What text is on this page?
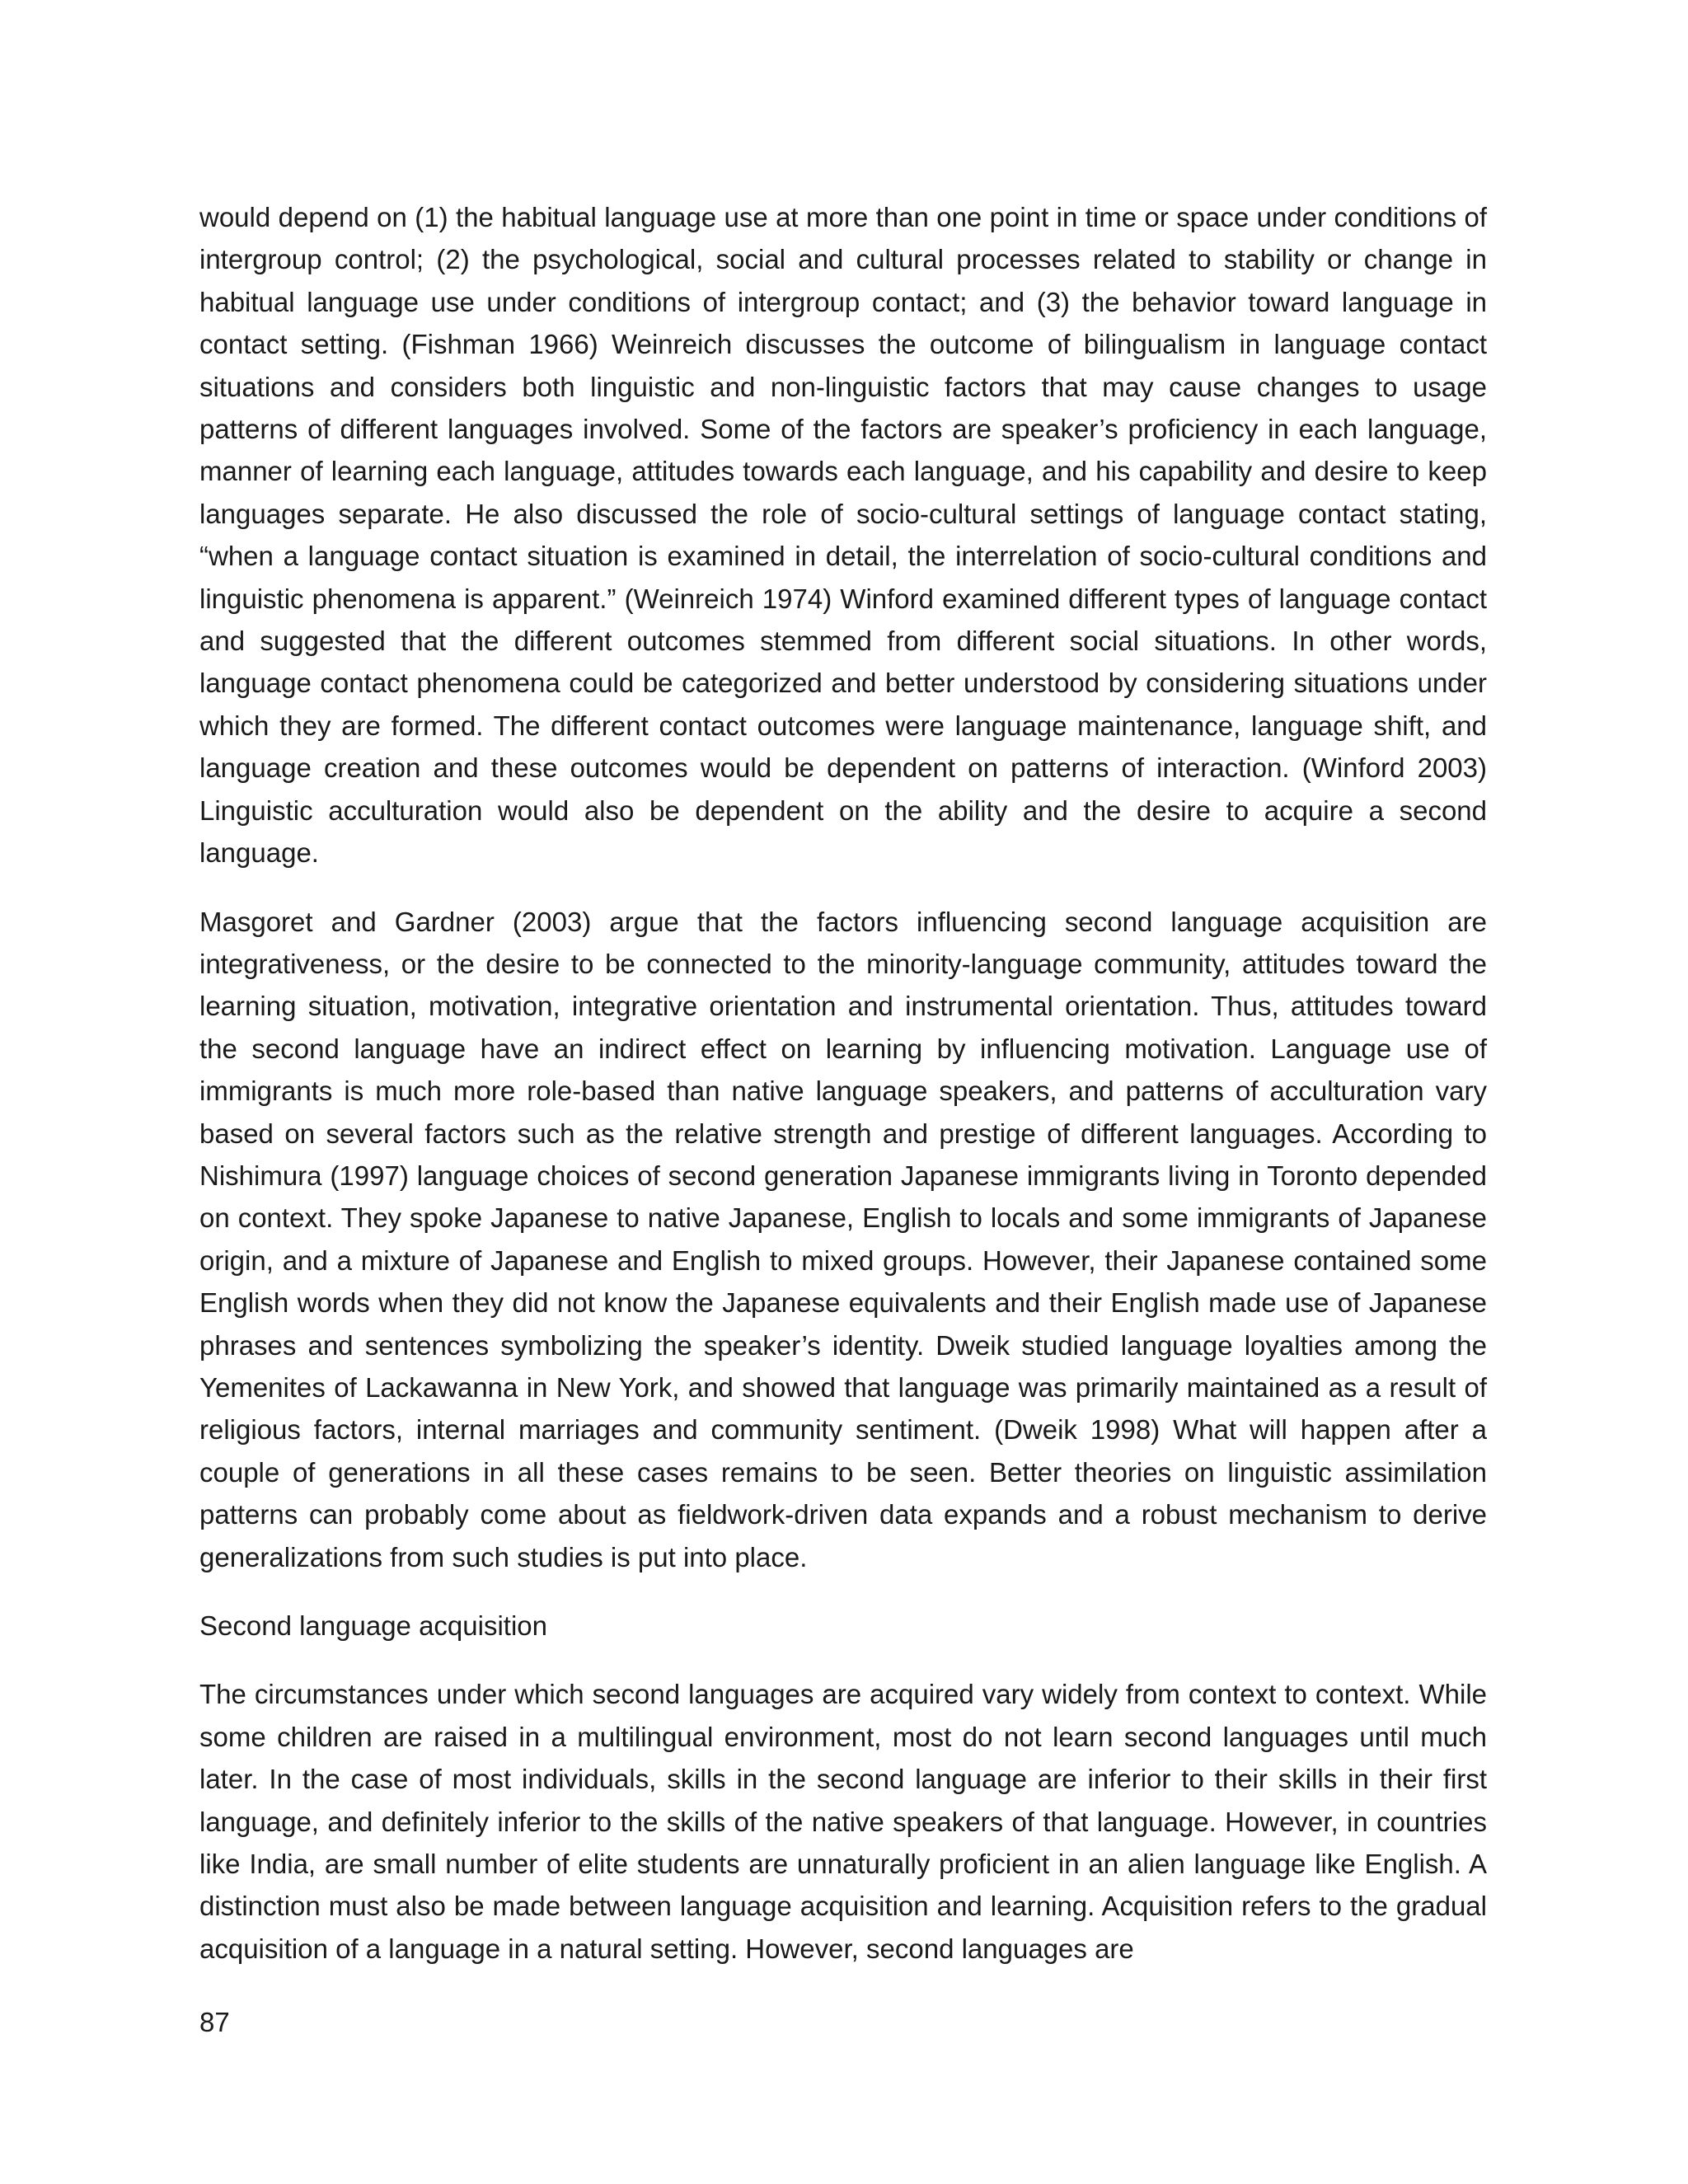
would depend on (1) the habitual language use at more than one point in time or space under conditions of intergroup control; (2) the psychological, social and cultural processes related to stability or change in habitual language use under conditions of intergroup contact; and (3) the behavior toward language in contact setting. (Fishman 1966) Weinreich discusses the outcome of bilingualism in language contact situations and considers both linguistic and non-linguistic factors that may cause changes to usage patterns of different languages involved. Some of the factors are speaker’s proficiency in each language, manner of learning each language, attitudes towards each language, and his capability and desire to keep languages separate. He also discussed the role of socio-cultural settings of language contact stating, “when a language contact situation is examined in detail, the interrelation of socio-cultural conditions and linguistic phenomena is apparent.” (Weinreich 1974) Winford examined different types of language contact and suggested that the different outcomes stemmed from different social situations. In other words, language contact phenomena could be categorized and better understood by considering situations under which they are formed. The different contact outcomes were language maintenance, language shift, and language creation and these outcomes would be dependent on patterns of interaction. (Winford 2003) Linguistic acculturation would also be dependent on the ability and the desire to acquire a second language.

Masgoret and Gardner (2003) argue that the factors influencing second language acquisition are integrativeness, or the desire to be connected to the minority-language community, attitudes toward the learning situation, motivation, integrative orientation and instrumental orientation. Thus, attitudes toward the second language have an indirect effect on learning by influencing motivation. Language use of immigrants is much more role-based than native language speakers, and patterns of acculturation vary based on several factors such as the relative strength and prestige of different languages. According to Nishimura (1997) language choices of second generation Japanese immigrants living in Toronto depended on context. They spoke Japanese to native Japanese, English to locals and some immigrants of Japanese origin, and a mixture of Japanese and English to mixed groups. However, their Japanese contained some English words when they did not know the Japanese equivalents and their English made use of Japanese phrases and sentences symbolizing the speaker’s identity. Dweik studied language loyalties among the Yemenites of Lackawanna in New York, and showed that language was primarily maintained as a result of religious factors, internal marriages and community sentiment. (Dweik 1998) What will happen after a couple of generations in all these cases remains to be seen. Better theories on linguistic assimilation patterns can probably come about as fieldwork-driven data expands and a robust mechanism to derive generalizations from such studies is put into place.

Second language acquisition

The circumstances under which second languages are acquired vary widely from context to context. While some children are raised in a multilingual environment, most do not learn second languages until much later. In the case of most individuals, skills in the second language are inferior to their skills in their first language, and definitely inferior to the skills of the native speakers of that language. However, in countries like India, are small number of elite students are unnaturally proficient in an alien language like English. A distinction must also be made between language acquisition and learning. Acquisition refers to the gradual acquisition of a language in a natural setting. However, second languages are

87
